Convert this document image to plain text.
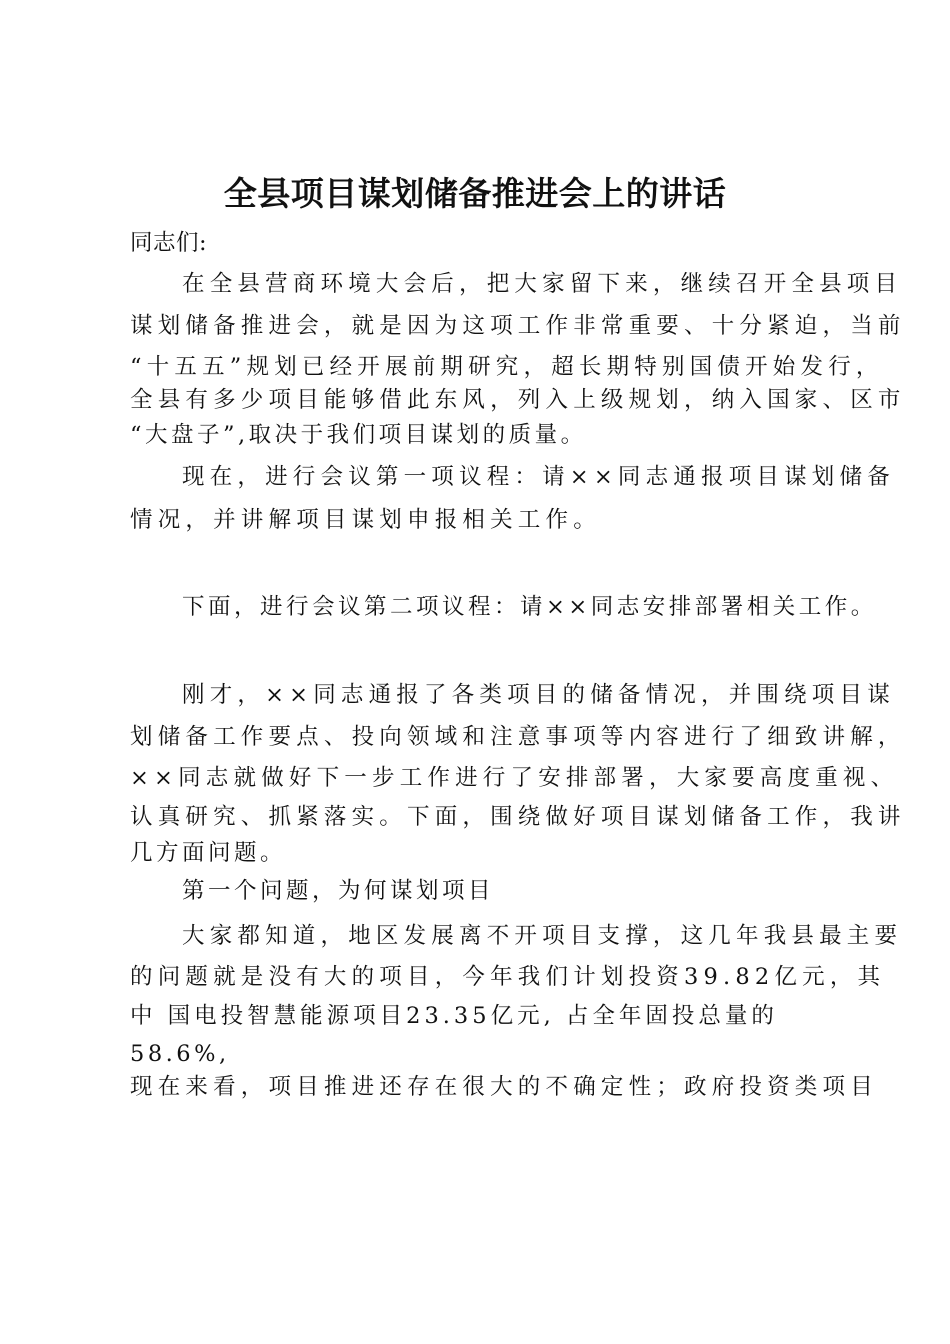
全县项目谋划储备推进会上的讲话
同志们:
在全县营商环境大会后，把大家留下来，继续召开全县项目
谋划储备推进会，就是因为这项工作非常重要、十分紧迫，当前
“十五五”规划已经开展前期研究，超长期特别国债开始发行，
全县有多少项目能够借此东风，列入上级规划，纳入国家、区市
“大盘子”,取决于我们项目谋划的质量。
现在，进行会议第一项议程：请××同志通报项目谋划储备
情况，并讲解项目谋划申报相关工作。
下面，进行会议第二项议程：请××同志安排部署相关工作。
刚才，××同志通报了各类项目的储备情况，并围绕项目谋
划储备工作要点、投向领域和注意事项等内容进行了细致讲解，
××同志就做好下一步工作进行了安排部署，大家要高度重视、
认真研究、抓紧落实。下面，围绕做好项目谋划储备工作，我讲
几方面问题。
第一个问题，为何谋划项目
大家都知道，地区发展离不开项目支撑，这几年我县最主要
的问题就是没有大的项目，今年我们计划投资39.82亿元，其
中 国电投智慧能源项目23.35亿元, 占全年固投总量的
58.6%,
现在来看，项目推进还存在很大的不确定性；政府投资类项目
